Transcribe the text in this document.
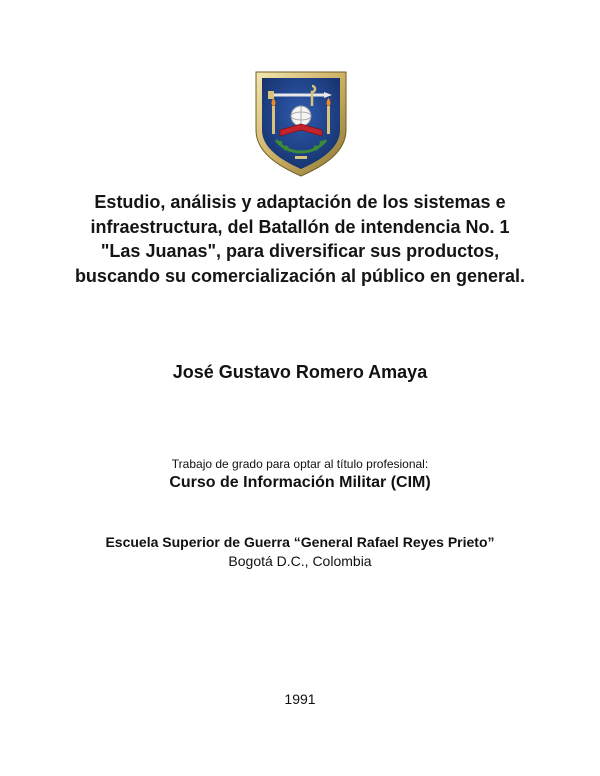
Estudio, análisis y adaptación de los sistemas e
infraestructura, del Batallón de intendencia No. 1
"Las Juanas", para diversificar sus productos,
buscando su comercialización al público en general.
José Gustavo Romero Amaya
Trabajo de grado para optar al título profesional:
Curso de Información Militar (CIM)
Escuela Superior de Guerra “General Rafael Reyes Prieto”
Bogotá D.C., Colombia
1991
